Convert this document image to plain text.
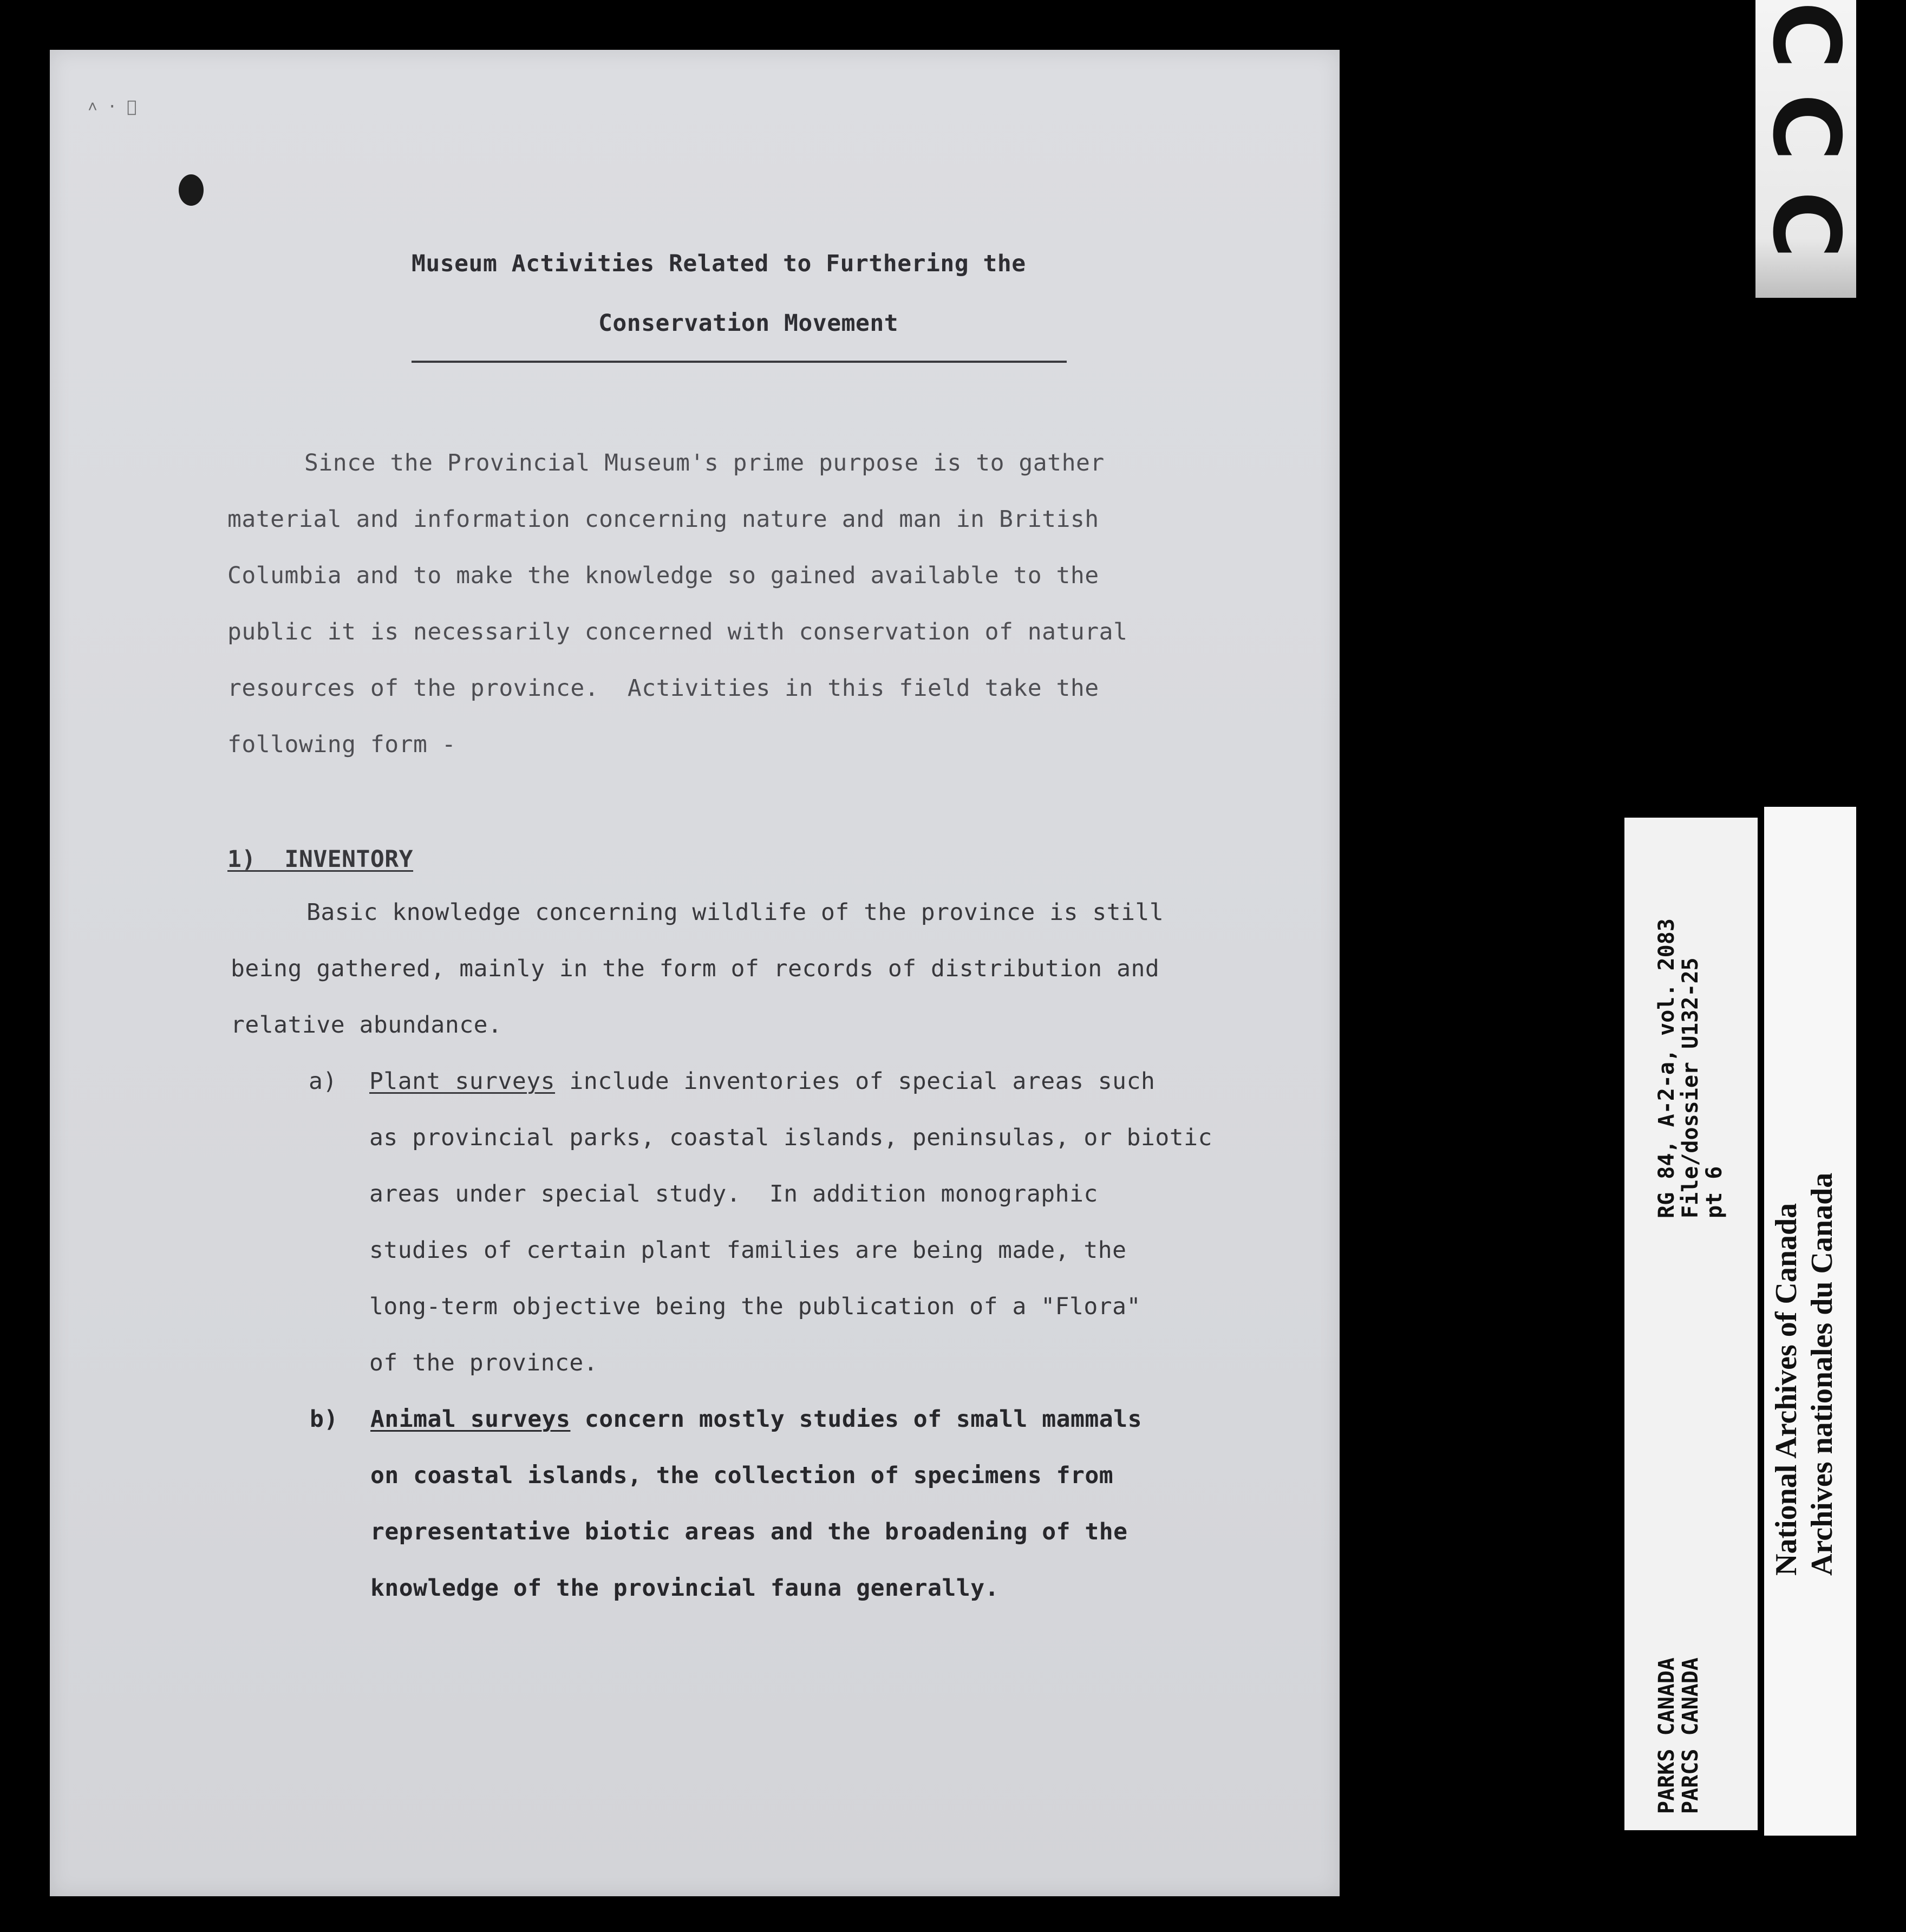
˄ · ﾞ
Museum Activities Related to Furthering the
Conservation Movement
Since the Provincial Museum's prime purpose is to gather
material and information concerning nature and man in British
Columbia and to make the knowledge so gained available to the
public it is necessarily concerned with conservation of natural
resources of the province.  Activities in this field take the
following form -
1)  INVENTORY
Basic knowledge concerning wildlife of the province is still
being gathered, mainly in the form of records of distribution and
relative abundance.
a) Plant surveys include inventories of special areas such
as provincial parks, coastal islands, peninsulas, or biotic
areas under special study.  In addition monographic
studies of certain plant families are being made, the
long-term objective being the publication of a "Flora"
of the province.
b) Animal surveys concern mostly studies of small mammals
on coastal islands, the collection of specimens from
representative biotic areas and the broadening of the
knowledge of the provincial fauna generally.
C
C
C
RG 84, A-2-a, vol. 2083
File/dossier U132-25
pt 6
PARKS CANADA
PARCS CANADA
National Archives of Canada Archives nationales du Canada
